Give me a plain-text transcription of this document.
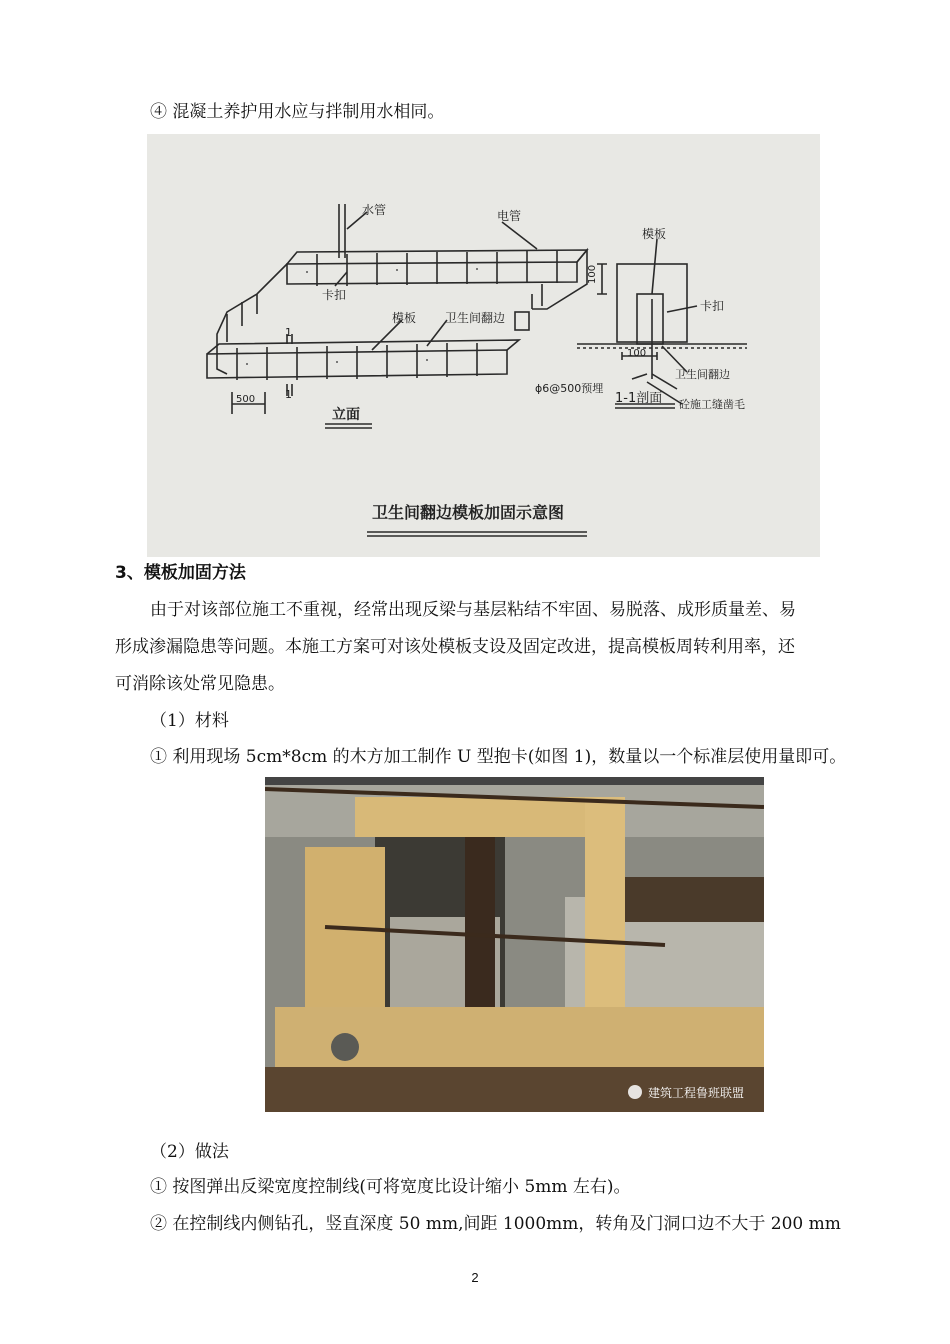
④ 混凝土养护用水应与拌制用水相同。
水管	电管
卡扣
模板 卫生间翻边
1
1
500
立面
模板
100
100
卡扣
ϕ6@500预埋
卫生间翻边
砼施工缝凿毛
1-1剖面
卫生间翻边模板加固示意图
3、模板加固方法
由于对该部位施工不重视，经常出现反梁与基层粘结不牢固、易脱落、成形质量差、易
形成渗漏隐患等问题。本施工方案可对该处模板支设及固定改进，提高模板周转利用率，还
可消除该处常见隐患。
（1）材料
① 利用现场 5cm*8cm 的木方加工制作 U 型抱卡(如图 1)，数量以一个标准层使用量即可。
建筑工程鲁班联盟
（2）做法
① 按图弹出反梁宽度控制线(可将宽度比设计缩小 5mm 左右)。
② 在控制线内侧钻孔，竖直深度 50 mm,间距 1000mm，转角及门洞口边不大于 200 mm
2
